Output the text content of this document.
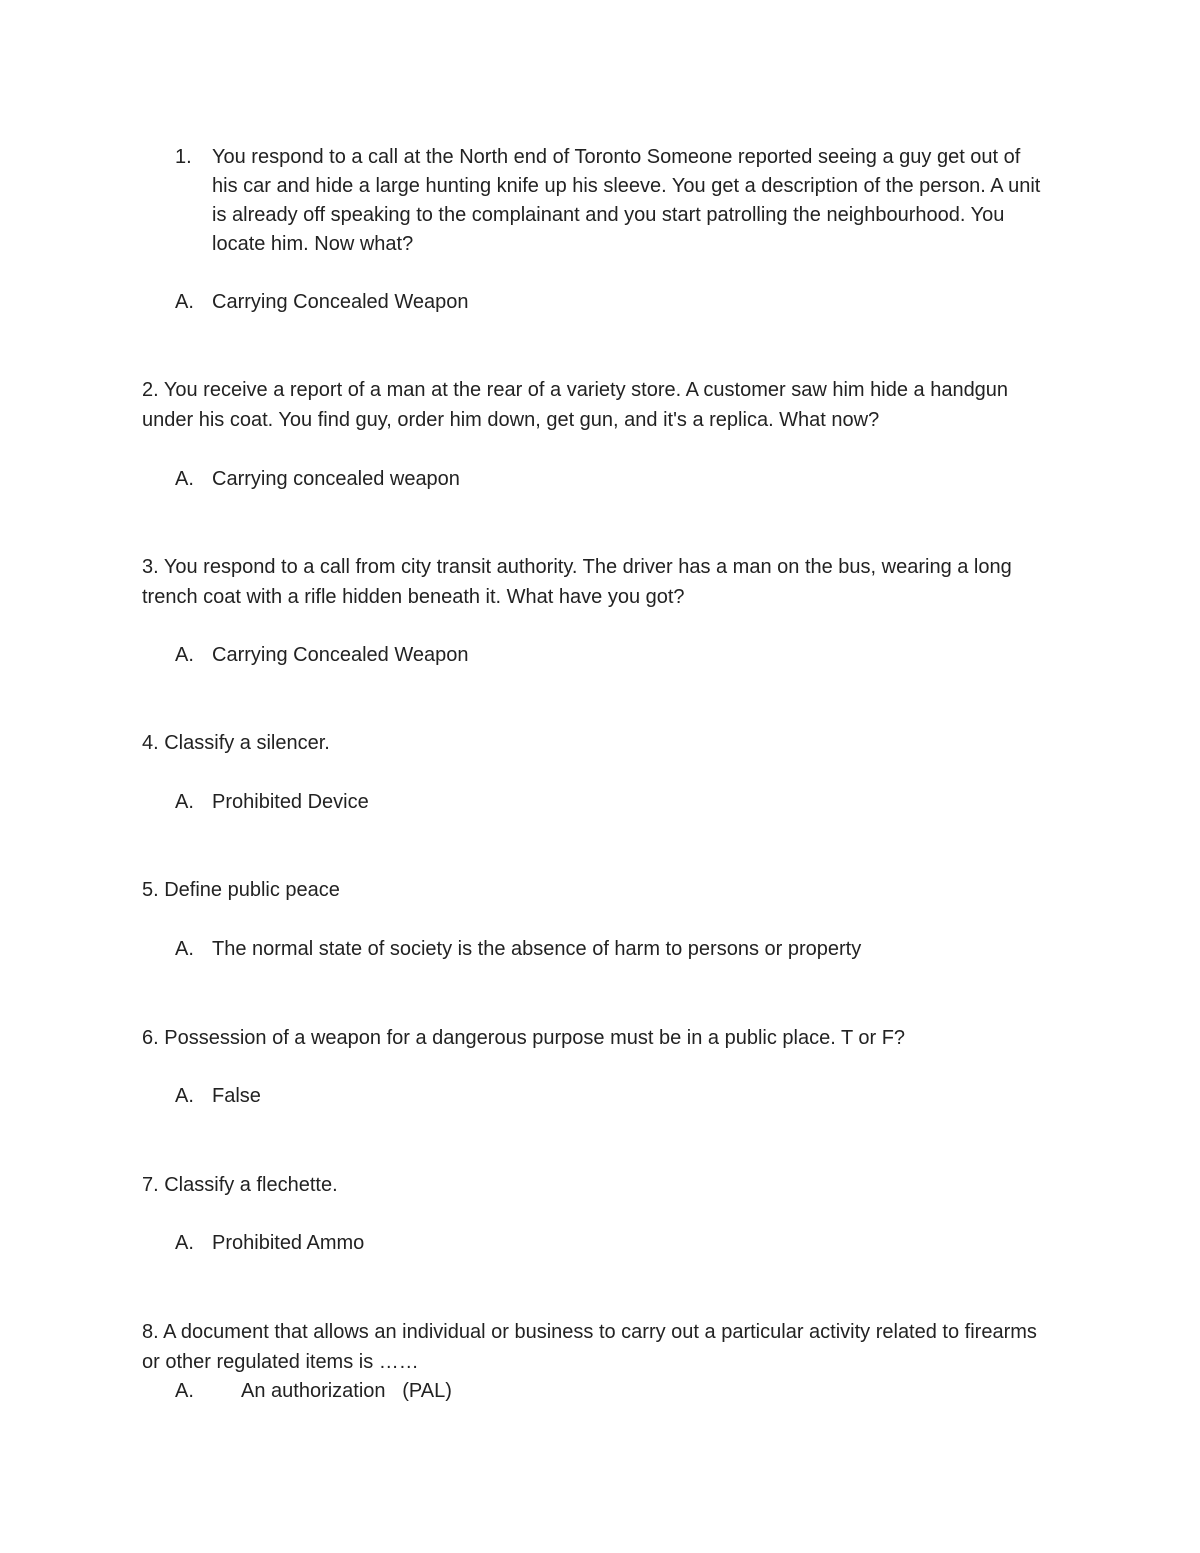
1. You respond to a call at the North end of Toronto Someone reported seeing a guy get out of his car and hide a large hunting knife up his sleeve. You get a description of the person. A unit is already off speaking to the complainant and you start patrolling the neighbourhood. You locate him. Now what?
A. Carrying Concealed Weapon
2. You receive a report of a man at the rear of a variety store. A customer saw him hide a handgun under his coat. You find guy, order him down, get gun, and it's a replica. What now?
A. Carrying concealed weapon
3. You respond to a call from city transit authority. The driver has a man on the bus, wearing a long trench coat with a rifle hidden beneath it. What have you got?
A. Carrying Concealed Weapon
4. Classify a silencer.
A. Prohibited Device
5. Define public peace
A. The normal state of society is the absence of harm to persons or property
6. Possession of a weapon for a dangerous purpose must be in a public place. T or F?
A. False
7. Classify a flechette.
A. Prohibited Ammo
8. A document that allows an individual or business to carry out a particular activity related to firearms or other regulated items is ……
A. An authorization   (PAL)
